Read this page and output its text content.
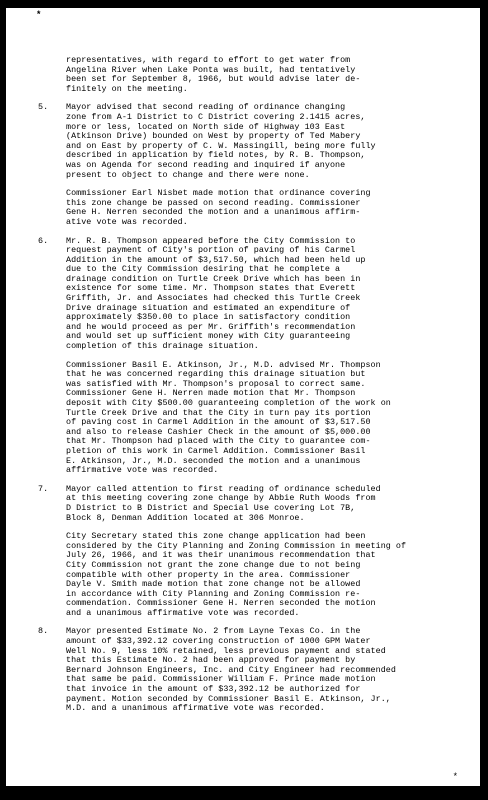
*
representatives, with regard to effort to get water from
Angelina River when Lake Ponta was built, had tentatively
been set for September 8, 1966, but would advise later de-
finitely on the meeting.
5.	Mayor advised that second reading of ordinance changing
zone from A-1 District to C District covering 2.1415 acres,
more or less, located on North side of Highway 103 East
(Atkinson Drive) bounded on West by property of Ted Mabery
and on East by property of C. W. Massingill, being more fully
described in application by field notes, by R. B. Thompson,
was on Agenda for second reading and inquired if anyone
present to object to change and there were none.
Commissioner Earl Nisbet made motion that ordinance covering
this zone change be passed on second reading. Commissioner
Gene H. Nerren seconded the motion and a unanimous affirm-
ative vote was recorded.
6.	Mr. R. B. Thompson appeared before the City Commission to
request payment of City's portion of paving of his Carmel
Addition in the amount of $3,517.50, which had been held up
due to the City Commission desiring that he complete a
drainage condition on Turtle Creek Drive which has been in
existence for some time. Mr. Thompson states that Everett
Griffith, Jr. and Associates had checked this Turtle Creek
Drive drainage situation and estimated an expenditure of
approximately $350.00 to place in satisfactory condition
and he would proceed as per Mr. Griffith's recommendation
and would set up sufficient money with City guaranteeing
completion of this drainage situation.
Commissioner Basil E. Atkinson, Jr., M.D. advised Mr. Thompson
that he was concerned regarding this drainage situation but
was satisfied with Mr. Thompson's proposal to correct same.
Commissioner Gene H. Nerren made motion that Mr. Thompson
deposit with City $500.00 guaranteeing completion of the work on
Turtle Creek Drive and that the City in turn pay its portion
of paving cost in Carmel Addition in the amount of $3,517.50
and also to release Cashier Check in the amount of $5,000.00
that Mr. Thompson had placed with the City to guarantee com-
pletion of this work in Carmel Addition. Commissioner Basil
E. Atkinson, Jr., M.D. seconded the motion and a unanimous
affirmative vote was recorded.
7.	Mayor called attention to first reading of ordinance scheduled
at this meeting covering zone change by Abbie Ruth Woods from
D District to B District and Special Use covering Lot 7B,
Block 8, Denman Addition located at 306 Monroe.
City Secretary stated this zone change application had been
considered by the City Planning and Zoning Commission in meeting of
July 26, 1966, and it was their unanimous recommendation that
City Commission not grant the zone change due to not being
compatible with other property in the area. Commissioner
Dayle V. Smith made motion that zone change not be allowed
in accordance with City Planning and Zoning Commission re-
commendation. Commissioner Gene H. Nerren seconded the motion
and a unanimous affirmative vote was recorded.
8.	Mayor presented Estimate No. 2 from Layne Texas Co. in the
amount of $33,392.12 covering construction of 1000 GPM Water
Well No. 9, less 10% retained, less previous payment and stated
that this Estimate No. 2 had been approved for payment by
Bernard Johnson Engineers, Inc. and City Engineer had recommended
that same be paid. Commissioner William F. Prince made motion
that invoice in the amount of $33,392.12 be authorized for
payment. Motion seconded by Commissioner Basil E. Atkinson, Jr.,
M.D. and a unanimous affirmative vote was recorded.
*
